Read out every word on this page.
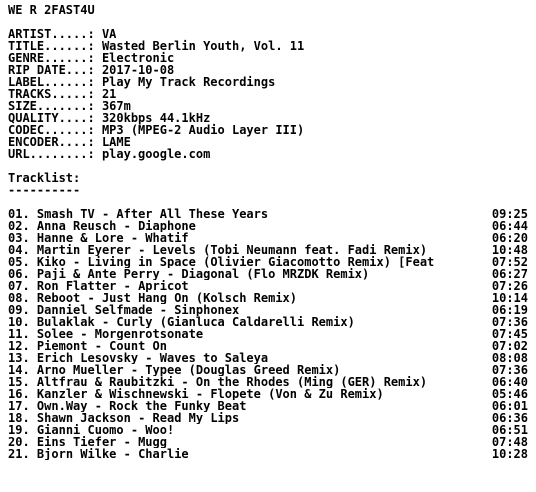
WE R 2FAST4U
ARTIST.....:
VA
TITLE......:
Wasted Berlin Youth, Vol. 11
GENRE......:
Electronic
RIP DATE...:
2017-10-08
LABEL......:
Play My Track Recordings
TRACKS.....:
21
SIZE.......:
367m
QUALITY....:
320kbps 44.1kHz
CODEC......:
MP3 (MPEG-2 Audio Layer III)
ENCODER....:
LAME
URL........:
play.google.com
Tracklist:
----------
01. Smash TV - After All These Years	09:25
02. Anna Reusch - Diaphone	06:44
03. Hanne & Lore - Whatif	06:20
04. Martin Eyerer - Levels (Tobi Neumann feat. Fadi Remix)	10:48
05. Kiko - Living in Space (Olivier Giacomotto Remix) [Feat	07:52
06. Paji & Ante Perry - Diagonal (Flo MRZDK Remix)	06:27
07. Ron Flatter - Apricot	07:26
08. Reboot - Just Hang On (Kolsch Remix)	10:14
09. Danniel Selfmade - Sinphonex	06:19
10. Bulaklak - Curly (Gianluca Caldarelli Remix)	07:36
11. Solee - Morgenrotsonate	07:45
12. Piemont - Count On	07:02
13. Erich Lesovsky - Waves to Saleya	08:08
14. Arno Mueller - Typee (Douglas Greed Remix)	07:36
15. Altfrau & Raubitzki - On the Rhodes (Ming (GER) Remix)	06:40
16. Kanzler & Wischnewski - Flopete (Von & Zu Remix)	05:46
17. Own.Way - Rock the Funky Beat	06:01
18. Shawn Jackson - Read My Lips	06:36
19. Gianni Cuomo - Woo!	06:51
20. Eins Tiefer - Mugg	07:48
21. Bjorn Wilke - Charlie	10:28
